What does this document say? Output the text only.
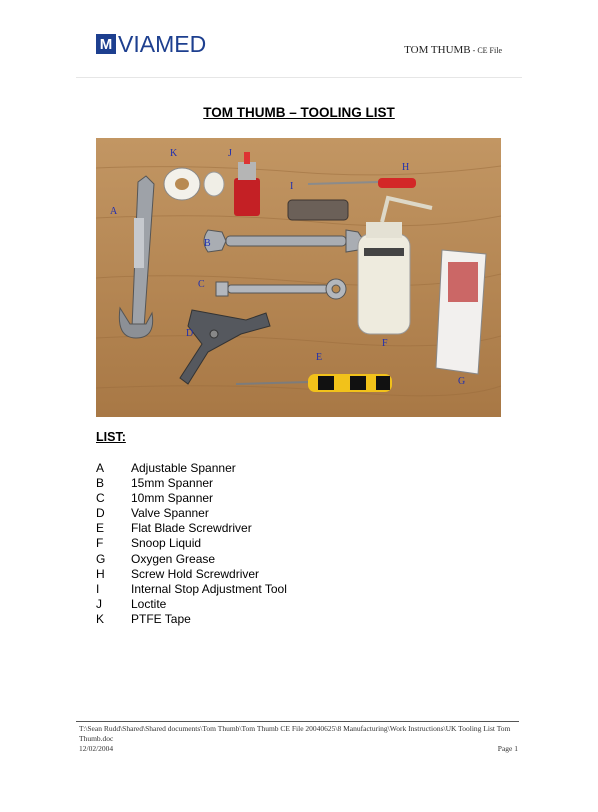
M VIAMED	TOM THUMB - CE File
TOM THUMB – TOOLING LIST
K	J
H
I
A
B
C
D
F
E
G
LIST:
A	Adjustable Spanner
B	15mm Spanner
C	10mm Spanner
D	Valve Spanner
E	Flat Blade Screwdriver
F	Snoop Liquid
G	Oxygen Grease
H	Screw Hold Screwdriver
I	Internal Stop Adjustment Tool
J	Loctite
K	PTFE Tape
T:\Sean Rudd\Shared\Shared documents\Tom Thumb\Tom Thumb CE File 20040625\8 Manufacturing\Work Instructions\UK Tooling List Tom Thumb.doc
12/02/2004	Page 1
